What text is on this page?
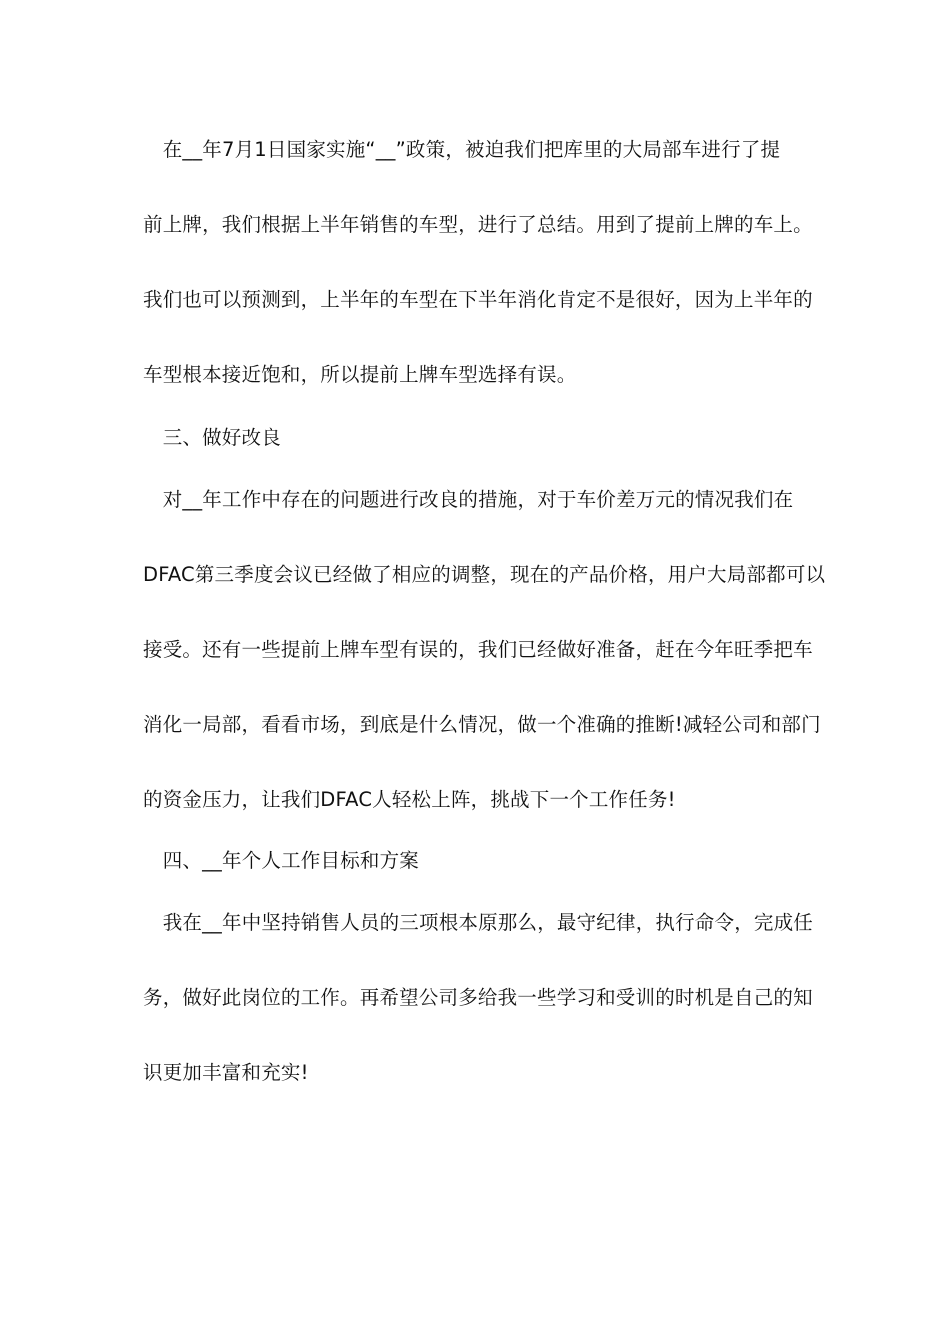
　在__年7月1日国家实施“__”政策，被迫我们把库里的大局部车进行了提
前上牌，我们根据上半年销售的车型，进行了总结。用到了提前上牌的车上。
我们也可以预测到，上半年的车型在下半年消化肯定不是很好，因为上半年的
车型根本接近饱和，所以提前上牌车型选择有误。
　三、做好改良
　对__年工作中存在的问题进行改良的措施，对于车价差万元的情况我们在
DFAC第三季度会议已经做了相应的调整，现在的产品价格，用户大局部都可以
接受。还有一些提前上牌车型有误的，我们已经做好准备，赶在今年旺季把车
消化一局部，看看市场，到底是什么情况，做一个准确的推断!减轻公司和部门
的资金压力，让我们DFAC人轻松上阵，挑战下一个工作任务!
　四、__年个人工作目标和方案
　我在__年中坚持销售人员的三项根本原那么，最守纪律，执行命令，完成任
务，做好此岗位的工作。再希望公司多给我一些学习和受训的时机是自己的知
识更加丰富和充实!
